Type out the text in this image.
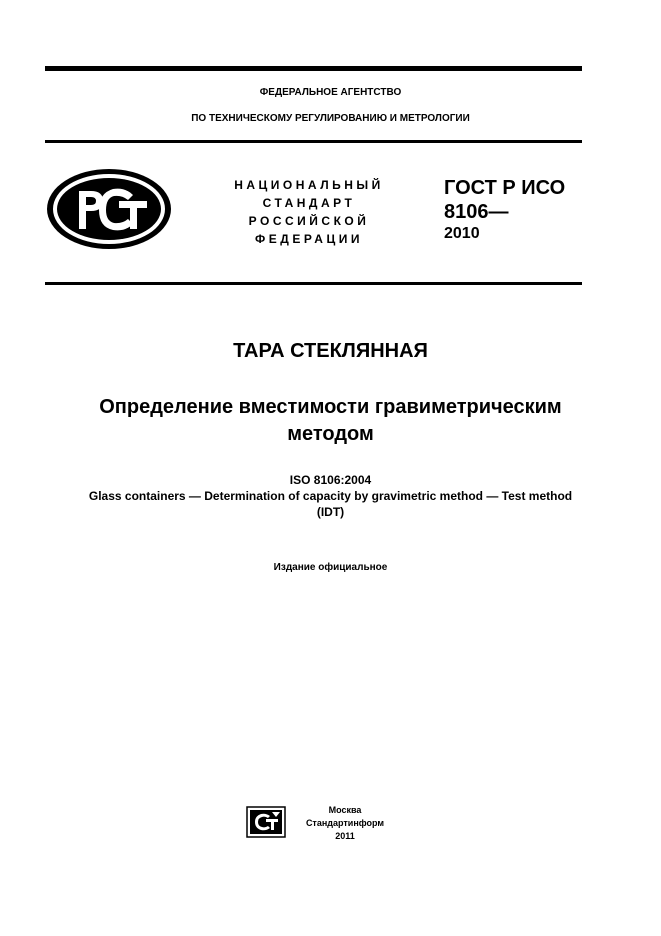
ФЕДЕРАЛЬНОЕ АГЕНТСТВО
ПО ТЕХНИЧЕСКОМУ РЕГУЛИРОВАНИЮ И МЕТРОЛОГИИ
НАЦИОНАЛЬНЫЙ
СТАНДАРТ
РОССИЙСКОЙ
ФЕДЕРАЦИИ
ГОСТ Р ИСО
8106—
2010
ТАРА СТЕКЛЯННАЯ
Определение вместимости гравиметрическим
методом
ISO 8106:2004
Glass containers — Determination of capacity by gravimetric method — Test method
(IDT)
Издание официальное
Москва
Стандартинформ
2011
